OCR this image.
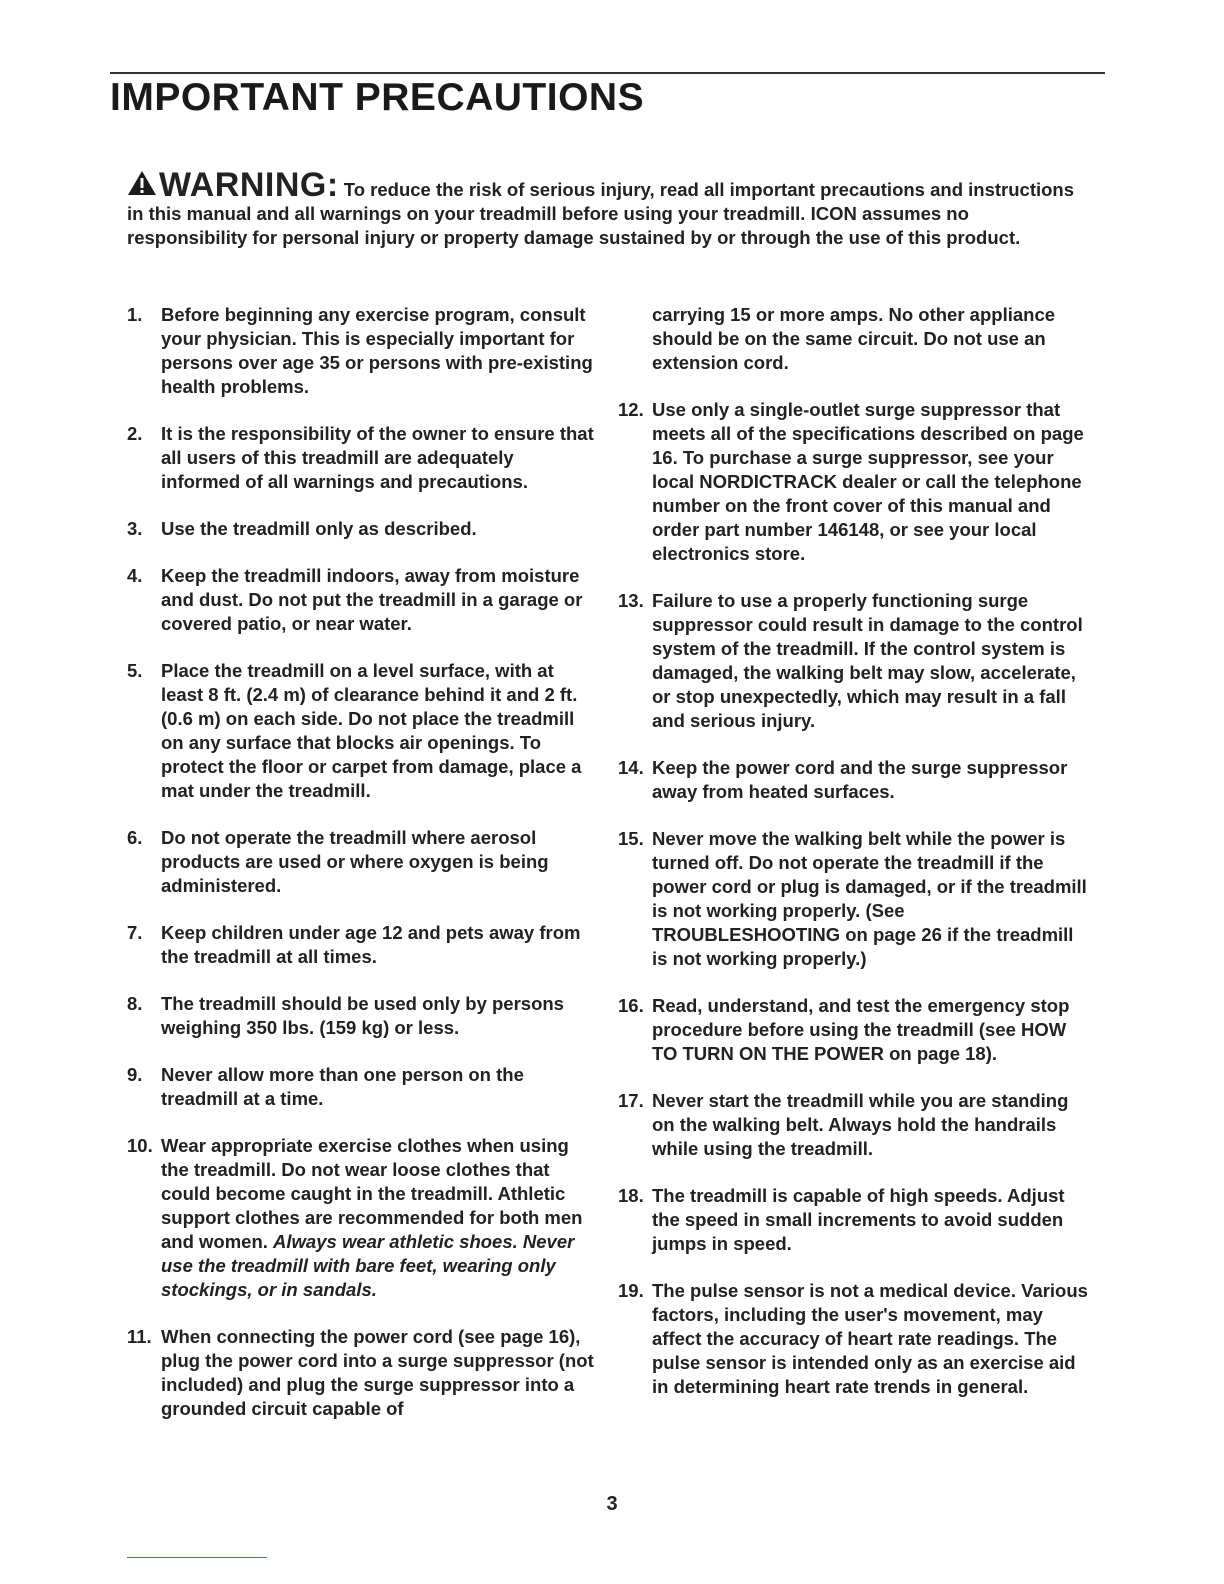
IMPORTANT PRECAUTIONS
WARNING: To reduce the risk of serious injury, read all important precautions and instructions in this manual and all warnings on your treadmill before using your treadmill. ICON assumes no responsibility for personal injury or property damage sustained by or through the use of this product.
1.	Before beginning any exercise program, consult your physician. This is especially important for persons over age 35 or persons with pre-existing health problems.
2.	It is the responsibility of the owner to ensure that all users of this treadmill are adequately informed of all warnings and precautions.
3.	Use the treadmill only as described.
4.	Keep the treadmill indoors, away from moisture and dust. Do not put the treadmill in a garage or covered patio, or near water.
5.	Place the treadmill on a level surface, with at least 8 ft. (2.4 m) of clearance behind it and 2 ft. (0.6 m) on each side. Do not place the treadmill on any surface that blocks air openings. To protect the floor or carpet from damage, place a mat under the treadmill.
6.	Do not operate the treadmill where aerosol products are used or where oxygen is being administered.
7.	Keep children under age 12 and pets away from the treadmill at all times.
8.	The treadmill should be used only by persons weighing 350 lbs. (159 kg) or less.
9.	Never allow more than one person on the treadmill at a time.
10. Wear appropriate exercise clothes when using the treadmill. Do not wear loose clothes that could become caught in the treadmill. Athletic support clothes are recommended for both men and women. Always wear athletic shoes. Never use the treadmill with bare feet, wearing only stockings, or in sandals.
11. When connecting the power cord (see page 16), plug the power cord into a surge suppressor (not included) and plug the surge suppressor into a grounded circuit capable of
carrying 15 or more amps. No other appliance should be on the same circuit. Do not use an extension cord.
12. Use only a single-outlet surge suppressor that meets all of the specifications described on page 16. To purchase a surge suppressor, see your local NORDICTRACK dealer or call the telephone number on the front cover of this manual and order part number 146148, or see your local electronics store.
13. Failure to use a properly functioning surge suppressor could result in damage to the control system of the treadmill. If the control system is damaged, the walking belt may slow, accelerate, or stop unexpectedly, which may result in a fall and serious injury.
14. Keep the power cord and the surge suppressor away from heated surfaces.
15. Never move the walking belt while the power is turned off. Do not operate the treadmill if the power cord or plug is damaged, or if the treadmill is not working properly. (See TROUBLESHOOTING on page 26 if the treadmill is not working properly.)
16. Read, understand, and test the emergency stop procedure before using the treadmill (see HOW TO TURN ON THE POWER on page 18).
17. Never start the treadmill while you are standing on the walking belt. Always hold the handrails while using the treadmill.
18. The treadmill is capable of high speeds. Adjust the speed in small increments to avoid sudden jumps in speed.
19. The pulse sensor is not a medical device. Various factors, including the user's movement, may affect the accuracy of heart rate readings. The pulse sensor is intended only as an exercise aid in determining heart rate trends in general.
3
